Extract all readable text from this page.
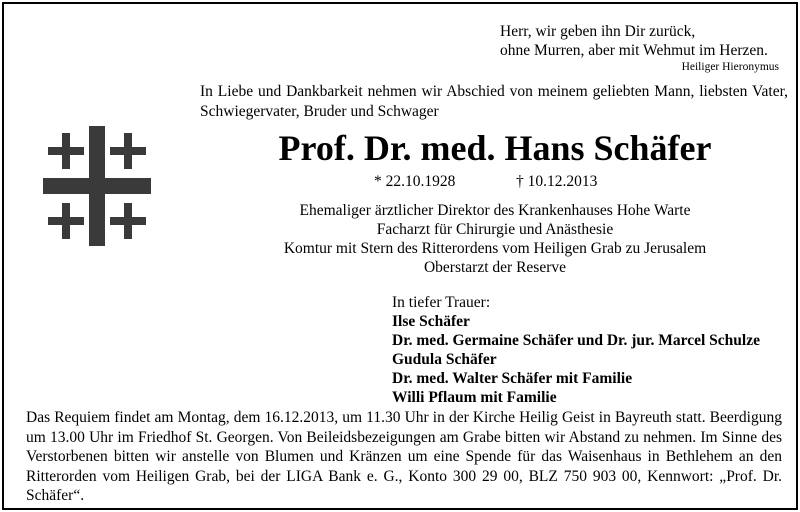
Herr, wir geben ihn Dir zurück,
ohne Murren, aber mit Wehmut im Herzen.
Heiliger Hieronymus
In Liebe und Dankbarkeit nehmen wir Abschied von meinem geliebten Mann, liebsten Vater, Schwiegervater, Bruder und Schwager
Prof. Dr. med. Hans Schäfer
* 22.10.1928	† 10.12.2013
Ehemaliger ärztlicher Direktor des Krankenhauses Hohe Warte
Facharzt für Chirurgie und Anästhesie
Komtur mit Stern des Ritterordens vom Heiligen Grab zu Jerusalem
Oberstarzt der Reserve
In tiefer Trauer:
Ilse Schäfer
Dr. med. Germaine Schäfer und Dr. jur. Marcel Schulze
Gudula Schäfer
Dr. med. Walter Schäfer mit Familie
Willi Pflaum mit Familie

Das Requiem findet am Montag, dem 16.12.2013, um 11.30 Uhr in der Kirche Heilig Geist in Bayreuth statt. Beerdigung um 13.00 Uhr im Friedhof St. Georgen. Von Beileidsbezeigungen am Grabe bitten wir Abstand zu nehmen. Im Sinne des Verstorbenen bitten wir anstelle von Blumen und Kränzen um eine Spende für das Waisenhaus in Bethlehem an den Ritterorden vom Heiligen Grab, bei der LIGA Bank e. G., Konto 300 29 00, BLZ 750 903 00, Kennwort: „Prof. Dr. Schäfer“.
